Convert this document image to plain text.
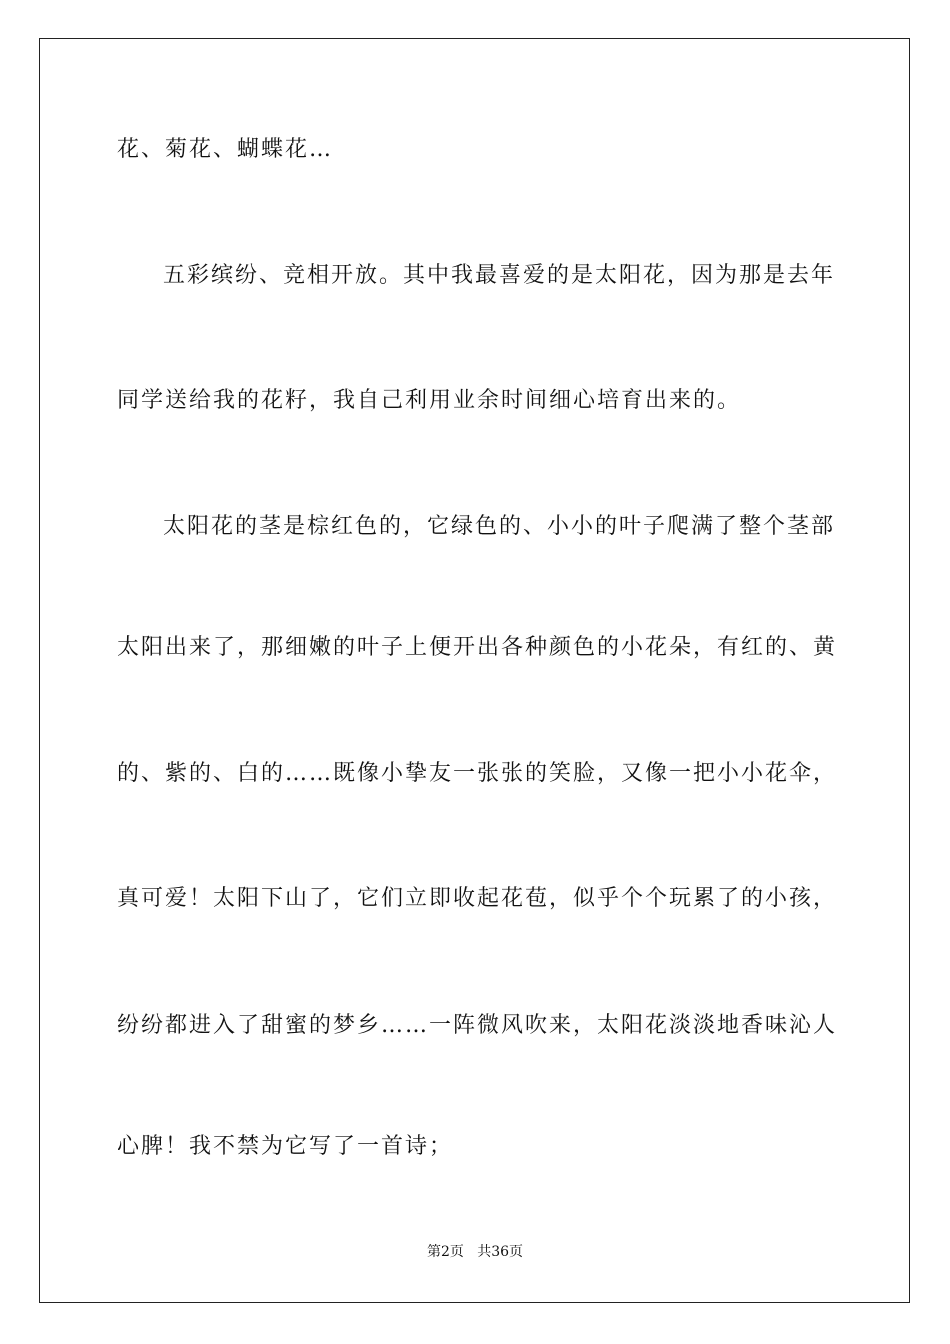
花、菊花、蝴蝶花…
五彩缤纷、竞相开放。其中我最喜爱的是太阳花，因为那是去年
同学送给我的花籽，我自己利用业余时间细心培育出来的。
太阳花的茎是棕红色的，它绿色的、小小的叶子爬满了整个茎部
太阳出来了，那细嫩的叶子上便开出各种颜色的小花朵，有红的、黄
的、紫的、白的……既像小挚友一张张的笑脸，又像一把小小花伞，
真可爱！太阳下山了，它们立即收起花苞，似乎个个玩累了的小孩，
纷纷都进入了甜蜜的梦乡……一阵微风吹来，太阳花淡淡地香味沁人
心脾！我不禁为它写了一首诗；
第2页   共36页
